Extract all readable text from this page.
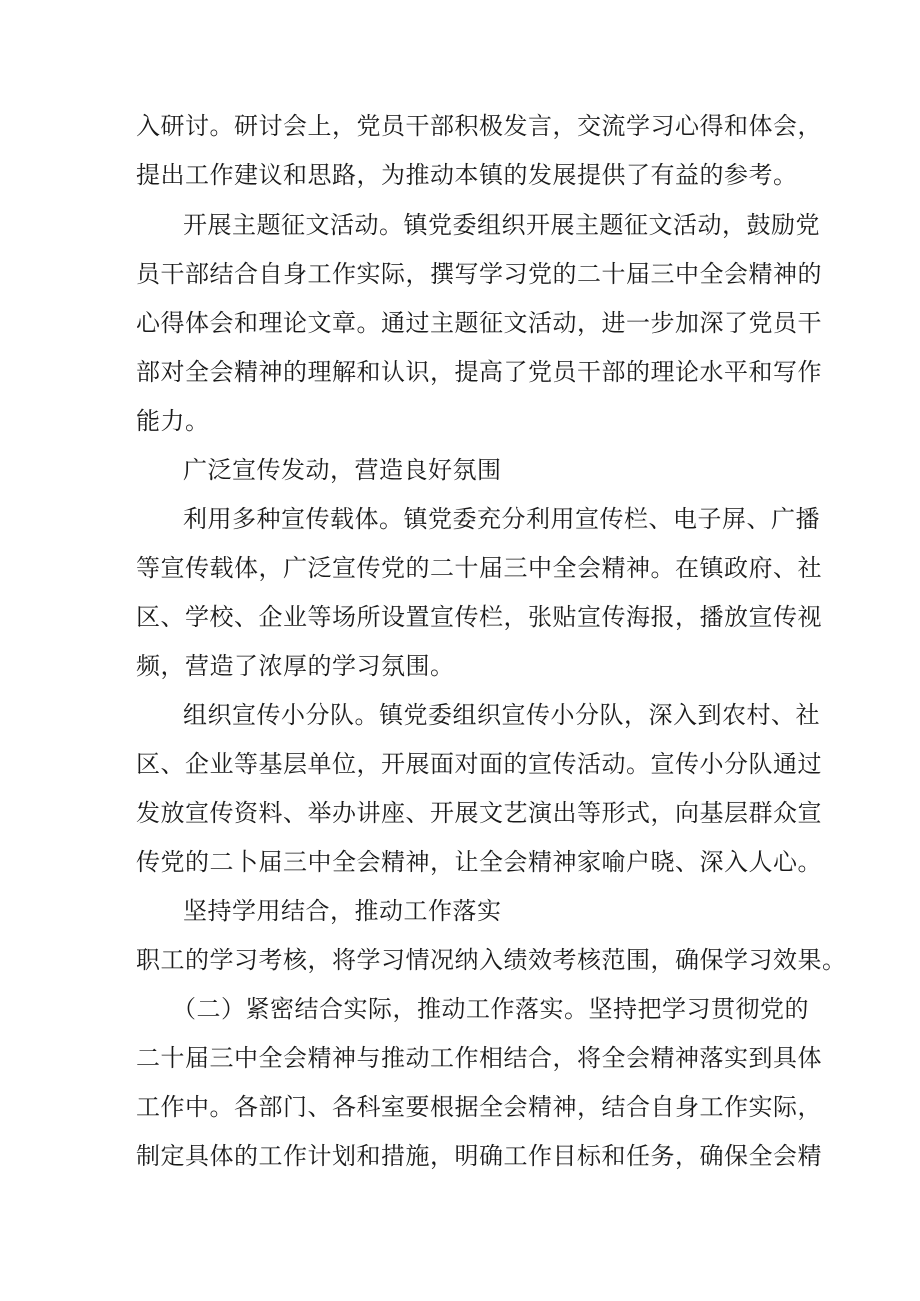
入研讨。研讨会上，党员干部积极发言，交流学习心得和体会，
提出工作建议和思路，为推动本镇的发展提供了有益的参考。
开展主题征文活动。镇党委组织开展主题征文活动，鼓励党
员干部结合自身工作实际，撰写学习党的二十届三中全会精神的
心得体会和理论文章。通过主题征文活动，进一步加深了党员干
部对全会精神的理解和认识，提高了党员干部的理论水平和写作
能力。
广泛宣传发动，营造良好氛围
利用多种宣传载体。镇党委充分利用宣传栏、电子屏、广播
等宣传载体，广泛宣传党的二十届三中全会精神。在镇政府、社
区、学校、企业等场所设置宣传栏，张贴宣传海报，播放宣传视
频，营造了浓厚的学习氛围。
组织宣传小分队。镇党委组织宣传小分队，深入到农村、社
区、企业等基层单位，开展面对面的宣传活动。宣传小分队通过
发放宣传资料、举办讲座、开展文艺演出等形式，向基层群众宣
传党的二卜届三中全会精神，让全会精神家喻户晓、深入人心。
坚持学用结合，推动工作落实
职工的学习考核，将学习情况纳入绩效考核范围，确保学习效果。
（二）紧密结合实际，推动工作落实。坚持把学习贯彻党的
二十届三中全会精神与推动工作相结合，将全会精神落实到具体
工作中。各部门、各科室要根据全会精神，结合自身工作实际，
制定具体的工作计划和措施，明确工作目标和任务，确保全会精
